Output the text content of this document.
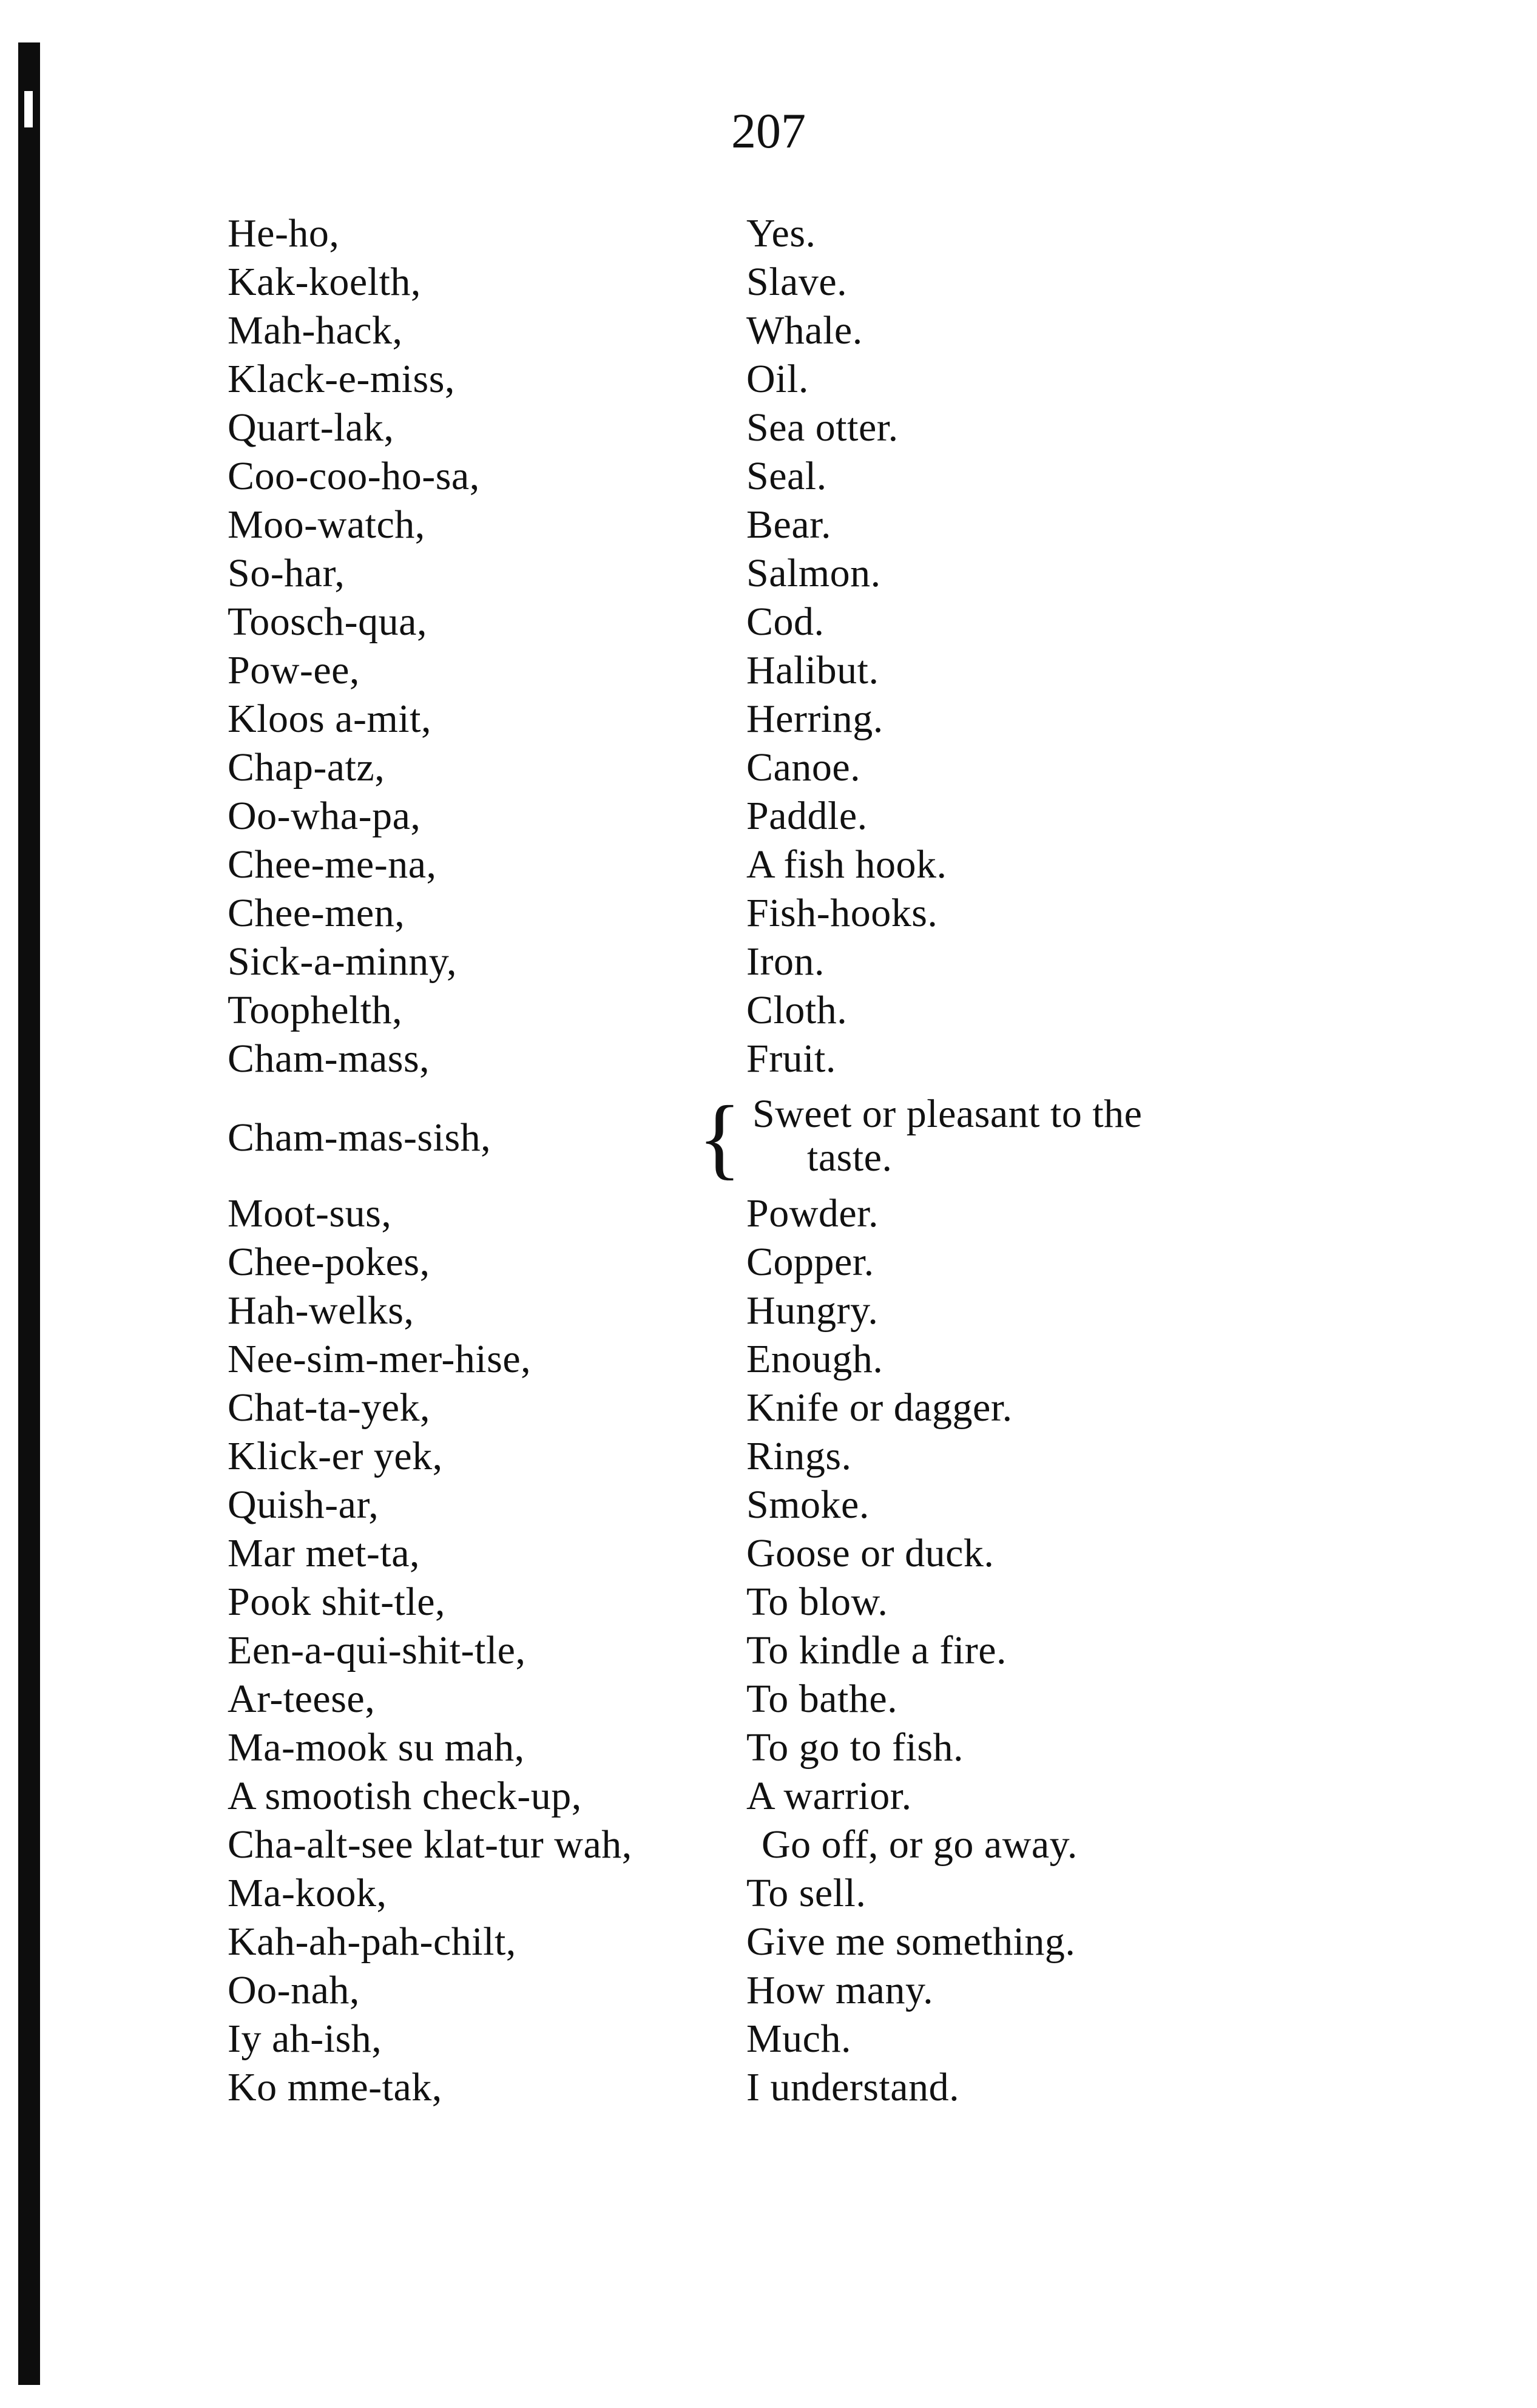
207
He-ho,	Yes.
Kak-koelth,	Slave.
Mah-hack,	Whale.
Klack-e-miss,	Oil.
Quart-lak,	Sea otter.
Coo-coo-ho-sa,	Seal.
Moo-watch,	Bear.
So-har,	Salmon.
Toosch-qua,	Cod.
Pow-ee,	Halibut.
Kloos a-mit,	Herring.
Chap-atz,	Canoe.
Oo-wha-pa,	Paddle.
Chee-me-na,	A fish hook.
Chee-men,	Fish-hooks.
Sick-a-minny,	Iron.
Toophelth,	Cloth.
Cham-mass,	Fruit.
Cham-mas-sish, { Sweet or pleasant to the
taste.
Moot-sus,	Powder.
Chee-pokes,	Copper.
Hah-welks,	Hungry.
Nee-sim-mer-hise,	Enough.
Chat-ta-yek,	Knife or dagger.
Klick-er yek,	Rings.
Quish-ar,	Smoke.
Mar met-ta,	Goose or duck.
Pook shit-tle,	To blow.
Een-a-qui-shit-tle,	To kindle a fire.
Ar-teese,	To bathe.
Ma-mook su mah,	To go to fish.
A smootish check-up,	A warrior.
Cha-alt-see klat-tur wah,	Go off, or go away.
Ma-kook,	To sell.
Kah-ah-pah-chilt,	Give me something.
Oo-nah,	How many.
Iy ah-ish,	Much.
Ko mme-tak,	I understand.
